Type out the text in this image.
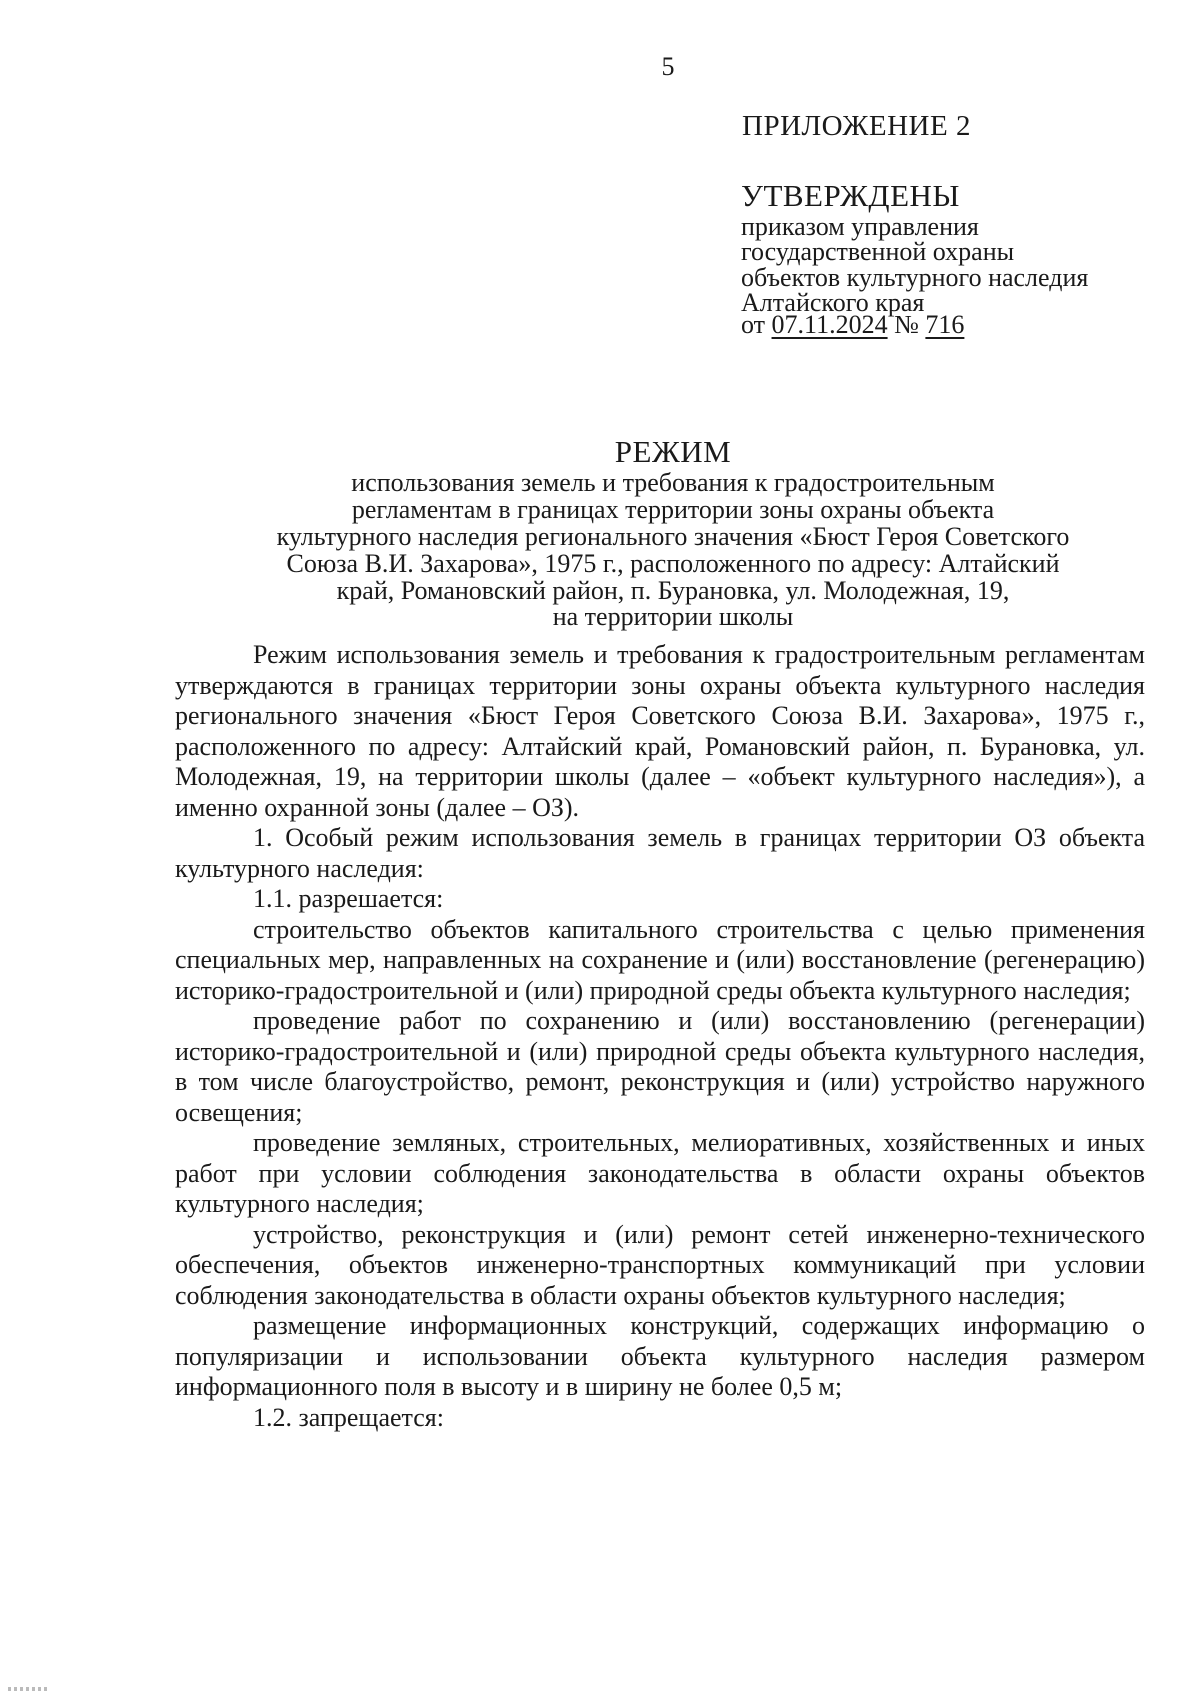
5
ПРИЛОЖЕНИЕ 2
УТВЕРЖДЕНЫ
приказом управления
государственной охраны
объектов культурного наследия
Алтайского края
от 07.11.2024 № 716
РЕЖИМ
использования земель и требования к градостроительным
регламентам в границах территории зоны охраны объекта
культурного наследия регионального значения «Бюст Героя Советского
Союза В.И. Захарова», 1975 г., расположенного по адресу: Алтайский
край, Романовский район, п. Бурановка, ул. Молодежная, 19,
на территории школы

Режим использования земель и требования к градостроительным регламентам утверждаются в границах территории зоны охраны объекта культурного наследия регионального значения «Бюст Героя Советского Союза В.И. Захарова», 1975 г., расположенного по адресу: Алтайский край, Романовский район, п. Бурановка, ул. Молодежная, 19, на территории школы (далее – «объект культурного наследия»), а именно охранной зоны (далее – ОЗ).

1. Особый режим использования земель в границах территории ОЗ объекта культурного наследия:

1.1. разрешается:

строительство объектов капитального строительства с целью применения специальных мер, направленных на сохранение и (или) восстановление (регенерацию) историко-градостроительной и (или) природной среды объекта культурного наследия;

проведение работ по сохранению и (или) восстановлению (регенерации) историко-градостроительной и (или) природной среды объекта культурного наследия, в том числе благоустройство, ремонт, реконструкция и (или) устройство наружного освещения;

проведение земляных, строительных, мелиоративных, хозяйственных и иных работ при условии соблюдения законодательства в области охраны объектов культурного наследия;

устройство, реконструкция и (или) ремонт сетей инженерно-технического обеспечения, объектов инженерно-транспортных коммуникаций при условии соблюдения законодательства в области охраны объектов культурного наследия;

размещение информационных конструкций, содержащих информацию о популяризации и использовании объекта культурного наследия размером информационного поля в высоту и в ширину не более 0,5 м;

1.2. запрещается:
